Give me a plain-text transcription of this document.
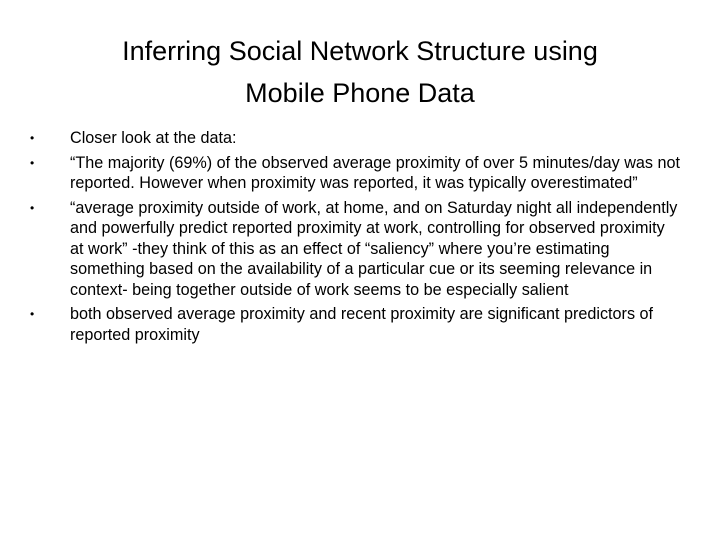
Inferring Social Network Structure using
Mobile Phone Data
•	Closer look at the data:
•	“The majority (69%) of the observed average proximity of over 5 minutes/day was not reported. However when proximity was reported, it was typically overestimated”
•	“average proximity outside of work, at home, and on Saturday night all independently and powerfully predict reported proximity at work, controlling for observed proximity at work” -they think of this as an effect of “saliency” where you’re estimating something based on the availability of a particular cue or its seeming relevance in context- being together outside of work seems to be especially salient
•	both observed average proximity and recent proximity are significant predictors of reported proximity
